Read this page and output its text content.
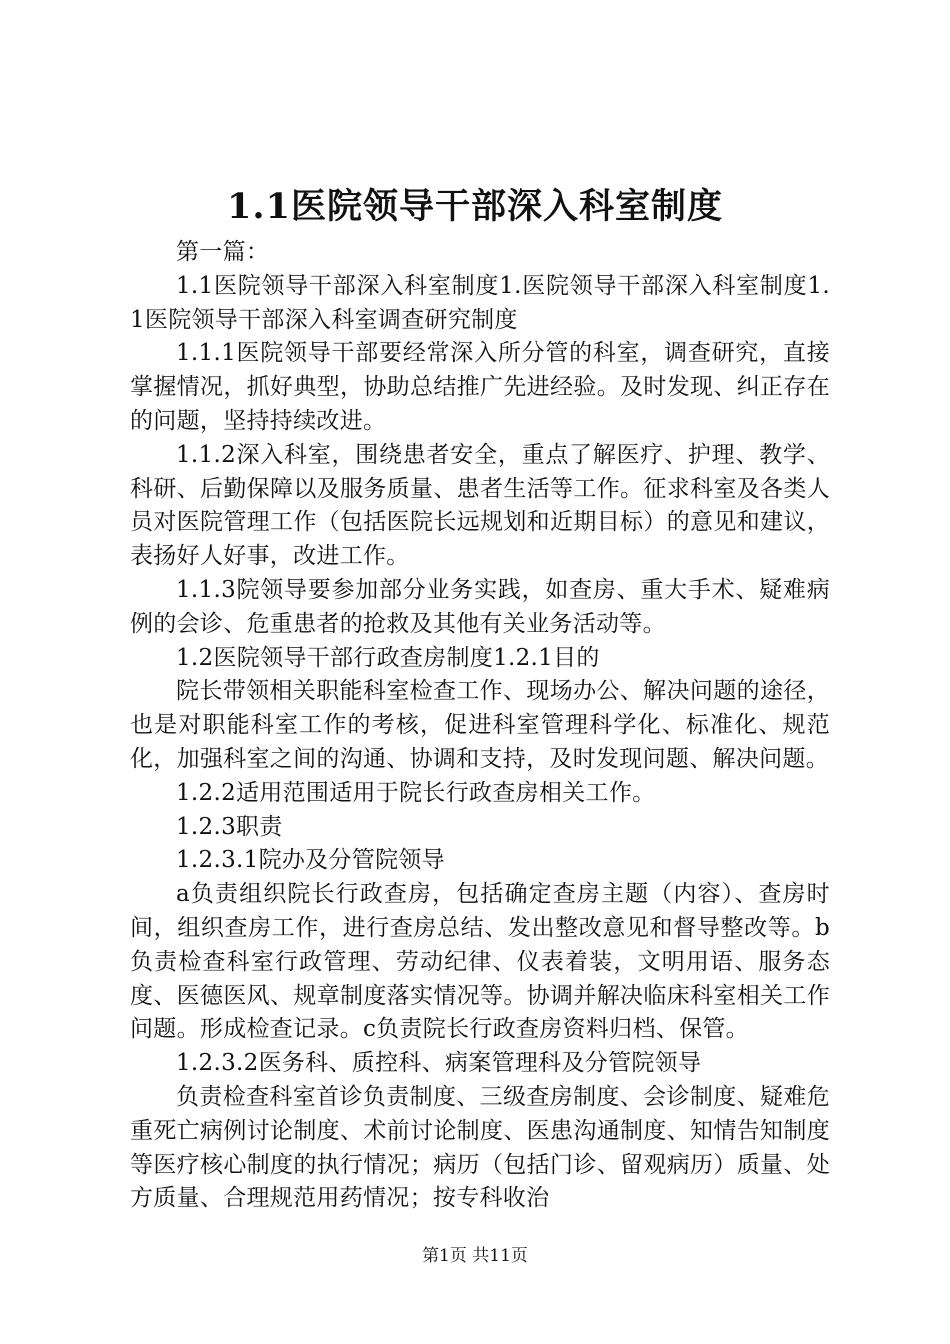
1.1医院领导干部深入科室制度

第一篇：

1.1医院领导干部深入科室制度1.医院领导干部深入科室制度1.1医院领导干部深入科室调查研究制度

1.1.1医院领导干部要经常深入所分管的科室，调查研究，直接掌握情况，抓好典型，协助总结推广先进经验。及时发现、纠正存在的问题，坚持持续改进。

1.1.2深入科室，围绕患者安全，重点了解医疗、护理、教学、科研、后勤保障以及服务质量、患者生活等工作。征求科室及各类人员对医院管理工作（包括医院长远规划和近期目标）的意见和建议，表扬好人好事，改进工作。

1.1.3院领导要参加部分业务实践，如查房、重大手术、疑难病例的会诊、危重患者的抢救及其他有关业务活动等。

1.2医院领导干部行政查房制度1.2.1目的

院长带领相关职能科室检查工作、现场办公、解决问题的途径，也是对职能科室工作的考核，促进科室管理科学化、标准化、规范化，加强科室之间的沟通、协调和支持，及时发现问题、解决问题。

1.2.2适用范围适用于院长行政查房相关工作。

1.2.3职责

1.2.3.1院办及分管院领导

a负责组织院长行政查房，包括确定查房主题（内容）、查房时间，组织查房工作，进行查房总结、发出整改意见和督导整改等。b负责检查科室行政管理、劳动纪律、仪表着装，文明用语、服务态度、医德医风、规章制度落实情况等。协调并解决临床科室相关工作问题。形成检查记录。c负责院长行政查房资料归档、保管。

1.2.3.2医务科、质控科、病案管理科及分管院领导

负责检查科室首诊负责制度、三级查房制度、会诊制度、疑难危重死亡病例讨论制度、术前讨论制度、医患沟通制度、知情告知制度等医疗核心制度的执行情况；病历（包括门诊、留观病历）质量、处方质量、合理规范用药情况；按专科收治

第1页 共11页
